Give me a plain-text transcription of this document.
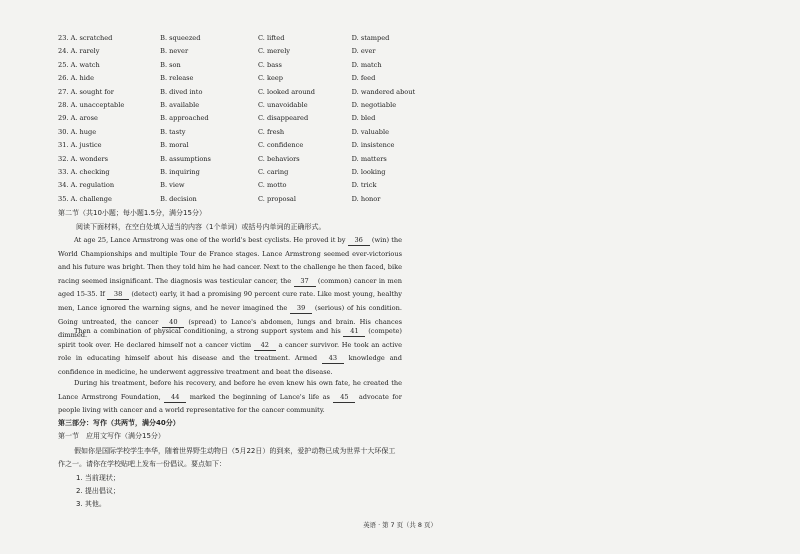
23. A. scratched	B. squeezed	C. lifted	D. stamped
24. A. rarely	B. never	C. merely	D. ever
25. A. watch	B. son	C. bass	D. match
26. A. hide	B. release	C. keep	D. feed
27. A. sought for	B. dived into	C. looked around	D. wandered about
28. A. unacceptable	B. available	C. unavoidable	D. negotiable
29. A. arose	B. approached	C. disappeared	D. bled
30. A. huge	B. tasty	C. fresh	D. valuable
31. A. justice	B. moral	C. confidence	D. insistence
32. A. wonders	B. assumptions	C. behaviors	D. matters
33. A. checking	B. inquiring	C. caring	D. looking
34. A. regulation	B. view	C. motto	D. trick
35. A. challenge	B. decision	C. proposal	D. honor
第二节（共10小题；每小题1.5分，满分15分）
阅读下面材料，在空白处填入适当的内容（1个单词）或括号内单词的正确形式。
At age 25, Lance Armstrong was one of the world's best cyclists. He proved it by 36 (win) the World Championships and multiple Tour de France stages. Lance Armstrong seemed ever-victorious and his future was bright. Then they told him he had cancer. Next to the challenge he then faced, bike racing seemed insignificant. The diagnosis was testicular cancer, the 37 (common) cancer in men aged 15-35. If 38 (detect) early, it had a promising 90 percent cure rate. Like most young, healthy men, Lance ignored the warning signs, and he never imagined the 39 (serious) of his condition. Going untreated, the cancer 40 (spread) to Lance's abdomen, lungs and brain. His chances dimmed.
Then a combination of physical conditioning, a strong support system and his 41 (compete) spirit took over. He declared himself not a cancer victim 42 a cancer survivor. He took an active role in educating himself about his disease and the treatment. Armed 43 knowledge and confidence in medicine, he underwent aggressive treatment and beat the disease.
During his treatment, before his recovery, and before he even knew his own fate, he created the Lance Armstrong Foundation, 44 marked the beginning of Lance's life as 45 advocate for people living with cancer and a world representative for the cancer community.
第三部分：写作（共两节，满分40分）
第一节　应用文写作（满分15分）
假如你是国际学校学生李华，随着世界野生动物日（5月22日）的到来，爱护动物已成为世界十大环保工作之一。请你在学校贴吧上发布一份倡议。要点如下：
1. 当前现状；
2. 提出倡议；
3. 其他。
英语 · 第 7 页（共 8 页）
